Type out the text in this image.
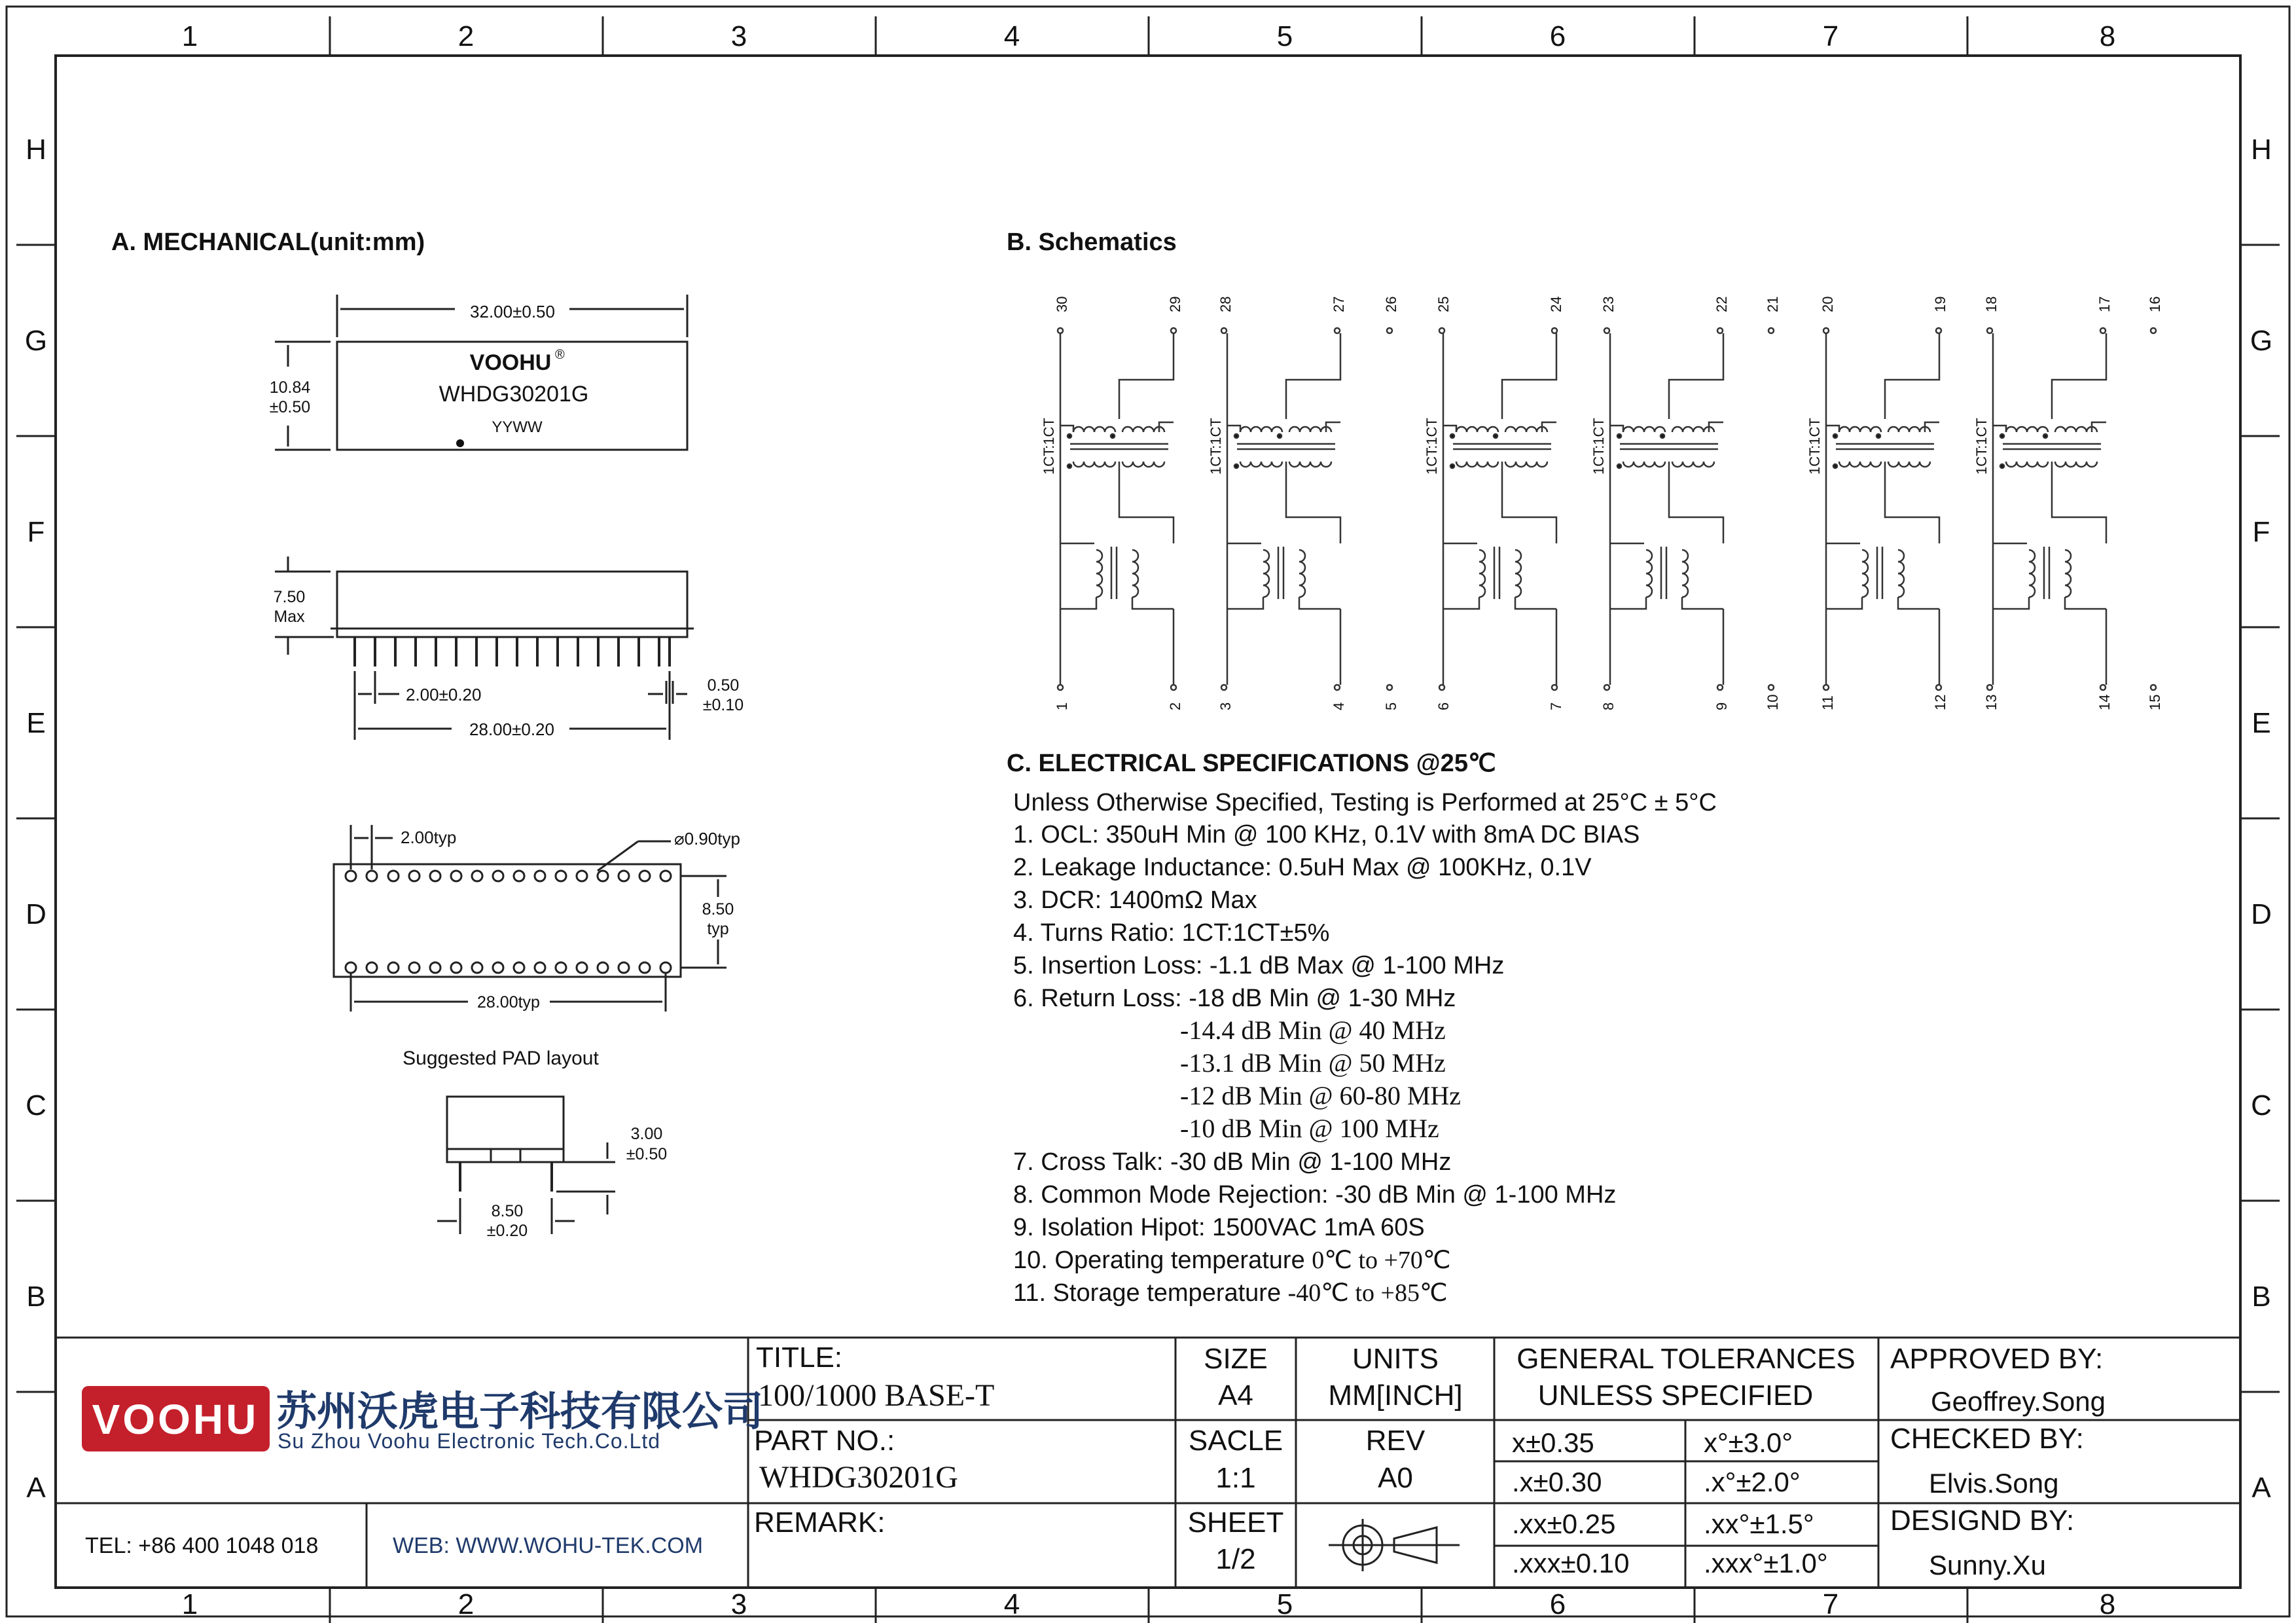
1	2	3	4	5	6	7	8
1	2	3	4	5	6	7	8
H
G
F
E
D
C
B
A
H
G
F
E
D
C
B
A
A. MECHANICAL(unit:mm)
32.00±0.50
10.84
±0.50
VOOHU ®
WHDG30201G
YYWW
7.50
Max
2.00±0.20	0.50
±0.10
28.00±0.20
2.00typ	⌀0.90typ
8.50
typ
28.00typ
Suggested PAD layout
3.00
±0.50
8.50
±0.20
B. Schematics
30	29 28	27	26	25	24	23	22 21	20	19 18	17 16
1	2 3	4	5	6	7	8	9 10	11	12 13	14 15
1CT:1CT	1CT:1CT	1CT:1CT	1CT:1CT	1CT:1CT	1CT:1CT
C. ELECTRICAL SPECIFICATIONS @25℃
Unless Otherwise Specified, Testing is Performed at 25°C ± 5°C
1. OCL: 350uH Min @ 100 KHz, 0.1V with 8mA DC BIAS
2. Leakage Inductance: 0.5uH Max @ 100KHz, 0.1V
3. DCR: 1400mΩ Max
4. Turns Ratio: 1CT:1CT±5%
5. Insertion Loss: -1.1 dB Max @ 1-100 MHz
6. Return Loss: -18 dB Min @ 1-30 MHz
-14.4 dB Min @ 40 MHz
-13.1 dB Min @ 50 MHz
-12 dB Min @ 60-80 MHz
-10 dB Min @ 100 MHz
7. Cross Talk: -30 dB Min @ 1-100 MHz
8. Common Mode Rejection: -30 dB Min @ 1-100 MHz
9. Isolation Hipot: 1500VAC 1mA 60S
10. Operating temperature 0℃ to +70℃
11. Storage temperature -40℃ to +85℃
VOOHU 苏州沃虎电子科技有限公司
Su Zhou Voohu Electronic Tech.Co.Ltd
TEL: +86 400 1048 018	WEB: WWW.WOHU-TEK.COM
TITLE:
100/1000 BASE-T
PART NO.:
WHDG30201G
REMARK:
SIZE
A4
UNITS
MM[INCH]
SACLE
1:1
REV
A0
SHEET
1/2
GENERAL TOLERANCES
UNLESS SPECIFIED
x±0.35	x°±3.0°
.x±0.30	.x°±2.0°
.xx±0.25	.xx°±1.5°
.xxx±0.10	.xxx°±1.0°
APPROVED BY:
Geoffrey.Song
CHECKED BY:
Elvis.Song
DESIGND BY:
Sunny.Xu
